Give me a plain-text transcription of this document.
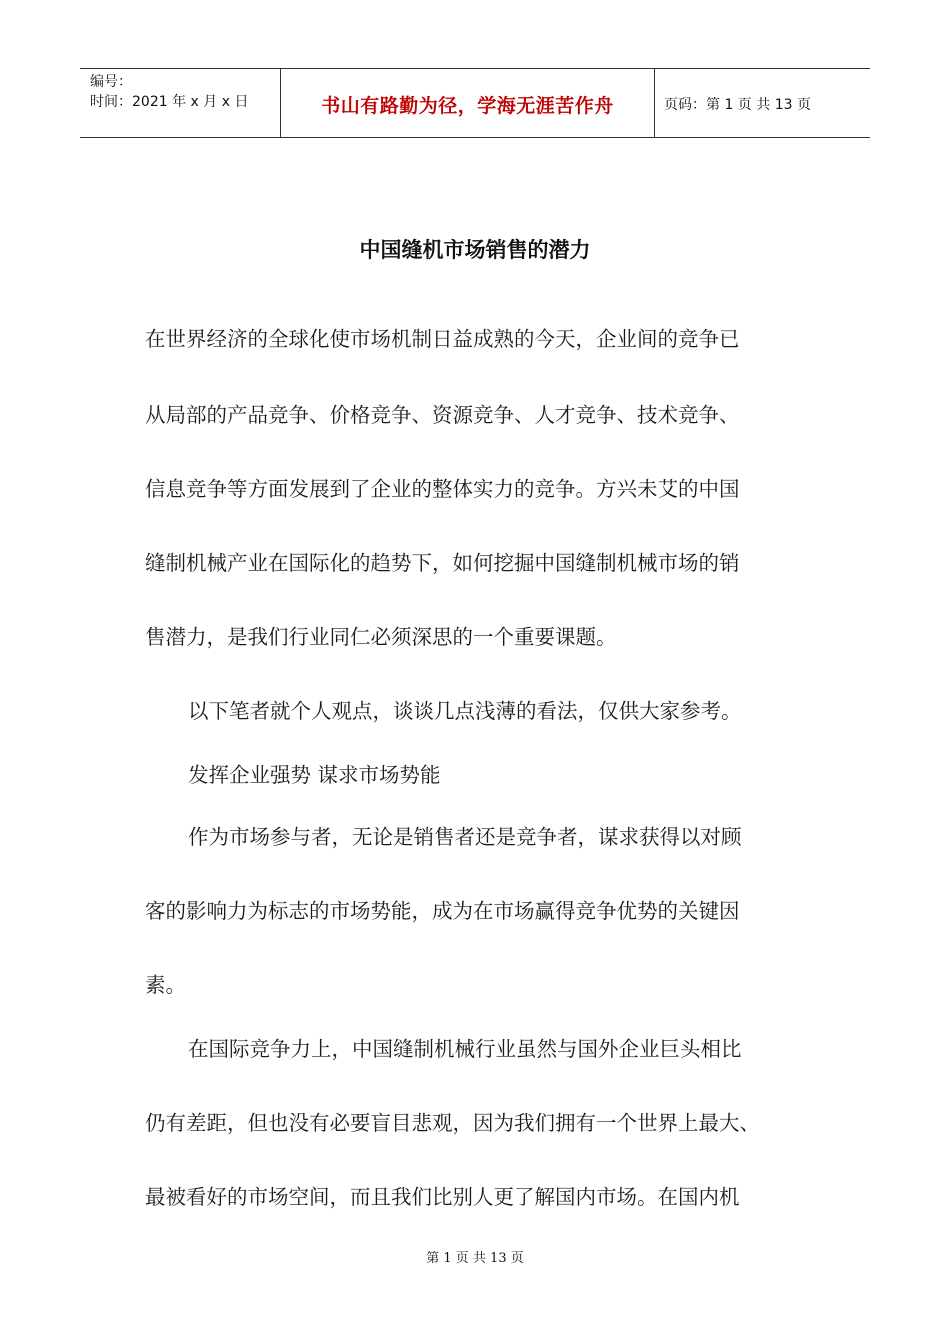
编号：
时间：2021 年 x 月 x 日	书山有路勤为径，学海无涯苦作舟	页码：第 1 页 共 13 页
中国缝机市场销售的潜力
在世界经济的全球化使市场机制日益成熟的今天，企业间的竞争已
从局部的产品竞争、价格竞争、资源竞争、人才竞争、技术竞争、
信息竞争等方面发展到了企业的整体实力的竞争。方兴未艾的中国
缝制机械产业在国际化的趋势下，如何挖掘中国缝制机械市场的销
售潜力，是我们行业同仁必须深思的一个重要课题。
以下笔者就个人观点，谈谈几点浅薄的看法，仅供大家参考。
发挥企业强势 谋求市场势能
作为市场参与者，无论是销售者还是竞争者，谋求获得以对顾
客的影响力为标志的市场势能，成为在市场赢得竞争优势的关键因
素。
在国际竞争力上，中国缝制机械行业虽然与国外企业巨头相比
仍有差距，但也没有必要盲目悲观，因为我们拥有一个世界上最大、
最被看好的市场空间，而且我们比别人更了解国内市场。在国内机
第 1 页 共 13 页
